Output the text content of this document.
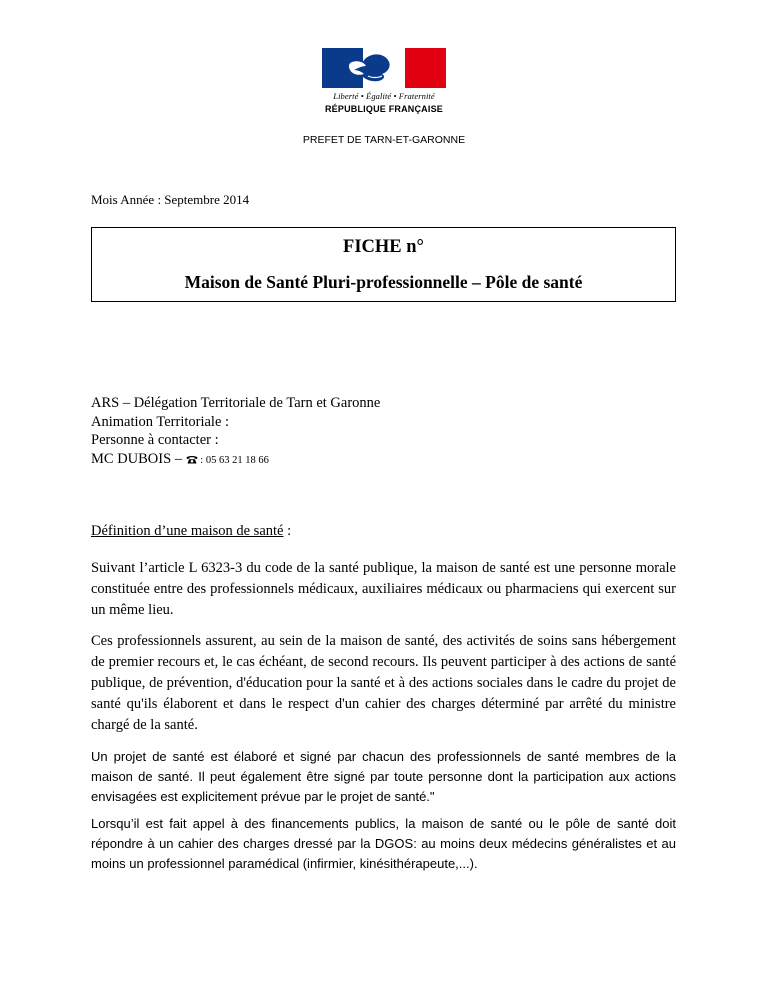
Liberté • Égalité • Fraternité
RÉPUBLIQUE FRANÇAISE
PREFET DE TARN-ET-GARONNE
Mois Année : Septembre 2014
FICHE n°
Maison de Santé Pluri-professionnelle – Pôle de santé
ARS – Délégation Territoriale de Tarn et Garonne
Animation Territoriale :
Personne à contacter :
MC DUBOIS –  : 05 63 21 18 66
Définition d’une maison de santé :

Suivant l’article L 6323-3 du code de la santé publique, la maison de santé est une personne morale constituée entre des professionnels médicaux, auxiliaires médicaux ou pharmaciens qui exercent sur un même lieu.

Ces professionnels assurent, au sein de la maison de santé, des activités de soins sans hébergement de premier recours et, le cas échéant, de second recours. Ils peuvent participer à des actions de santé publique, de prévention, d'éducation pour la santé et à des actions sociales dans le cadre du projet de santé qu'ils élaborent et dans le respect d'un cahier des charges déterminé par arrêté du ministre chargé de la santé.

Un projet de santé est élaboré et signé par chacun des professionnels de santé membres de la maison de santé. Il peut également être signé par toute personne dont la participation aux actions envisagées est explicitement prévue par le projet de santé."

Lorsqu’il est fait appel à des financements publics, la maison de santé ou le pôle de santé doit répondre à un cahier des charges dressé par la DGOS: au moins deux médecins généralistes et au moins un professionnel paramédical (infirmier, kinésithérapeute,...).
